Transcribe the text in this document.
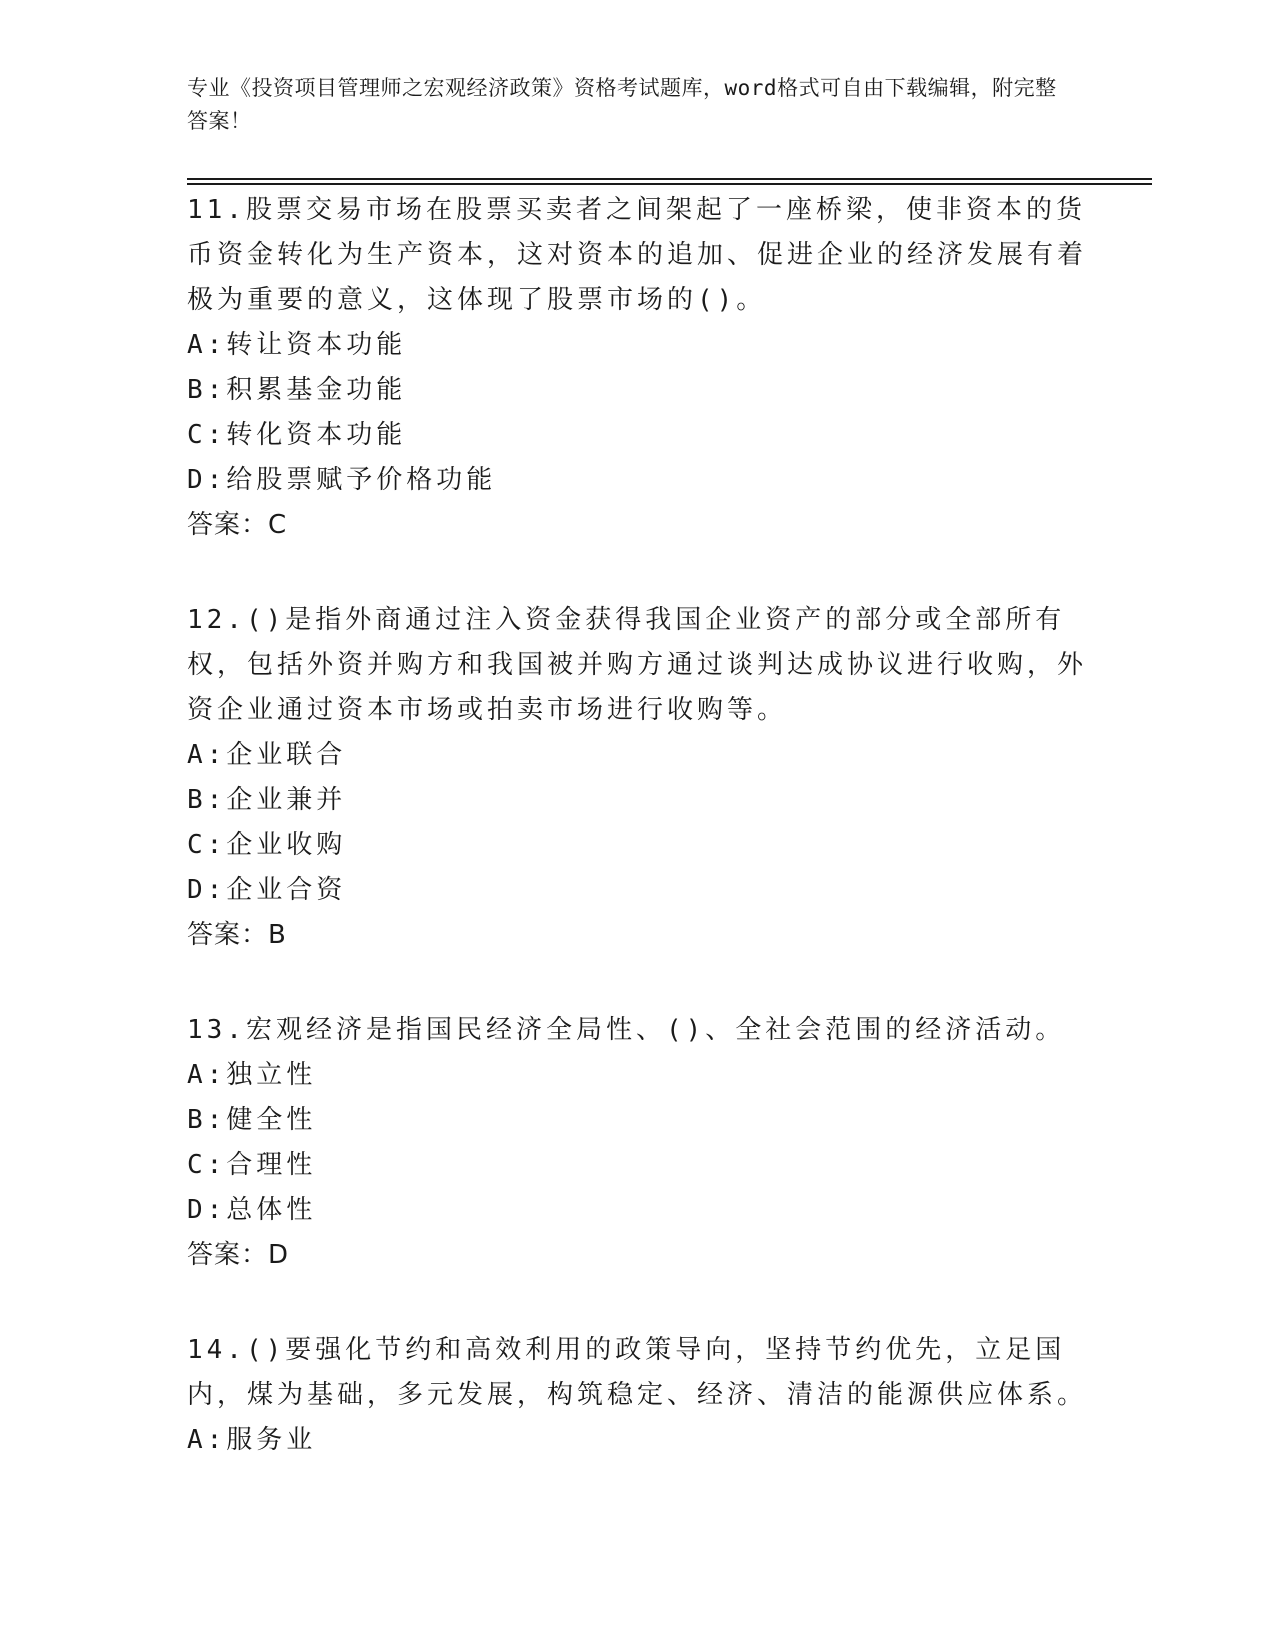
专业《投资项目管理师之宏观经济政策》资格考试题库，word格式可自由下载编辑，附完整答案！
11.股票交易市场在股票买卖者之间架起了一座桥梁，使非资本的货币资金转化为生产资本，这对资本的追加、促进企业的经济发展有着极为重要的意义，这体现了股票市场的()。
A:转让资本功能
B:积累基金功能
C:转化资本功能
D:给股票赋予价格功能
答案：C
12.()是指外商通过注入资金获得我国企业资产的部分或全部所有权，包括外资并购方和我国被并购方通过谈判达成协议进行收购，外资企业通过资本市场或拍卖市场进行收购等。
A:企业联合
B:企业兼并
C:企业收购
D:企业合资
答案：B
13.宏观经济是指国民经济全局性、()、全社会范围的经济活动。
A:独立性
B:健全性
C:合理性
D:总体性
答案：D
14.()要强化节约和高效利用的政策导向，坚持节约优先，立足国内，煤为基础，多元发展，构筑稳定、经济、清洁的能源供应体系。
A:服务业
